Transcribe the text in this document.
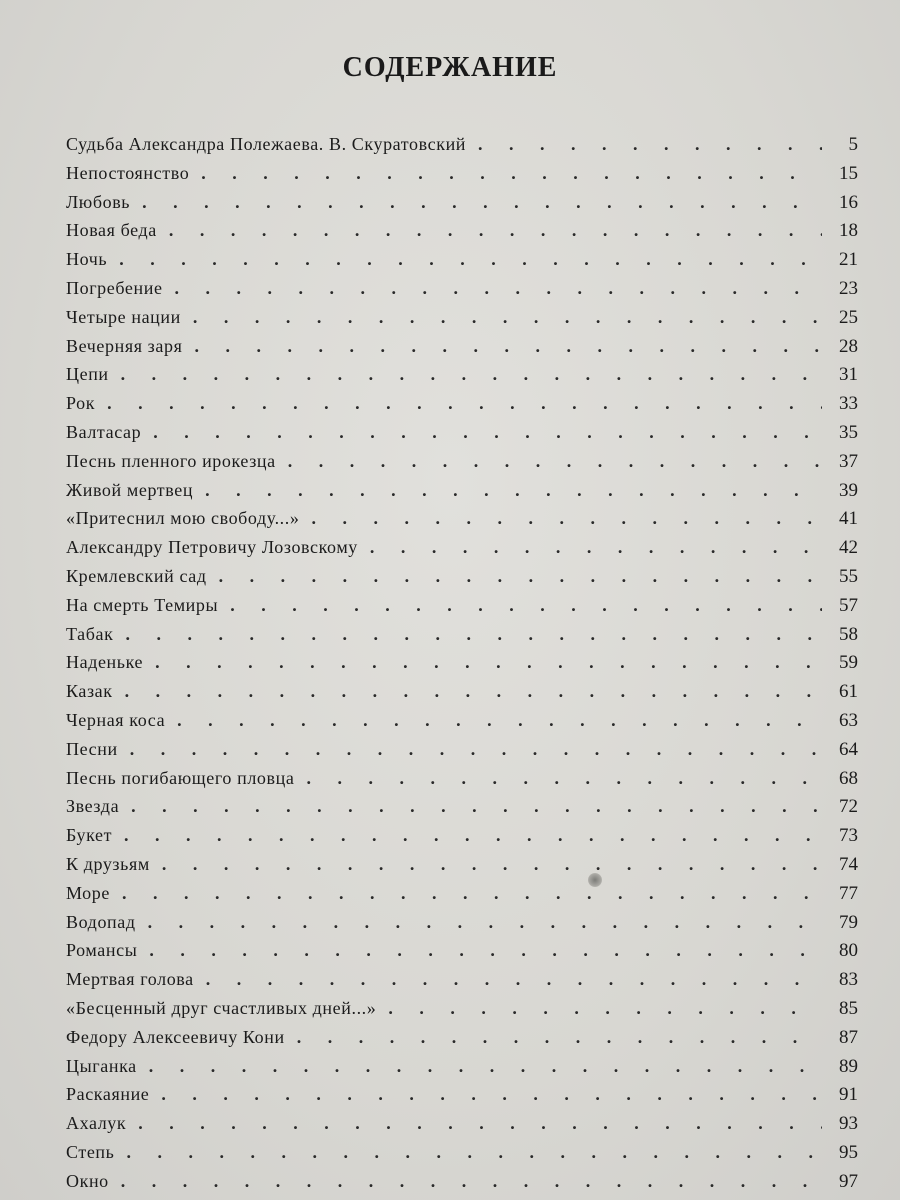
СОДЕРЖАНИЕ
Судьба Александра Полежаева. В. Скуратовский . . .	5
Непостоянство . . .	15
Любовь . . .	16
Новая беда . . .	18
Ночь . . .	21
Погребение . . .	23
Четыре нации . . .	25
Вечерняя заря . . .	28
Цепи . . .	31
Рок . . .	33
Валтасар . . .	35
Песнь пленного ирокезца . . .	37
Живой мертвец . . .	39
«Притеснил мою свободу...» . . .	41
Александру Петровичу Лозовскому . . .	42
Кремлевский сад . . .	55
На смерть Темиры . . .	57
Табак . . .	58
Наденьке . . .	59
Казак . . .	61
Черная коса . . .	63
Песни . . .	64
Песнь погибающего пловца . . .	68
Звезда . . .	72
Букет . . .	73
К друзьям . . .	74
Море . . .	77
Водопад . . .	79
Романсы . . .	80
Мертвая голова . . .	83
«Бесценный друг счастливых дней...» . . .	85
Федору Алексеевичу Кони . . .	87
Цыганка . . .	89
Раскаяние . . .	91
Ахалук . . .	93
Степь . . .	95
Окно . . .	97
